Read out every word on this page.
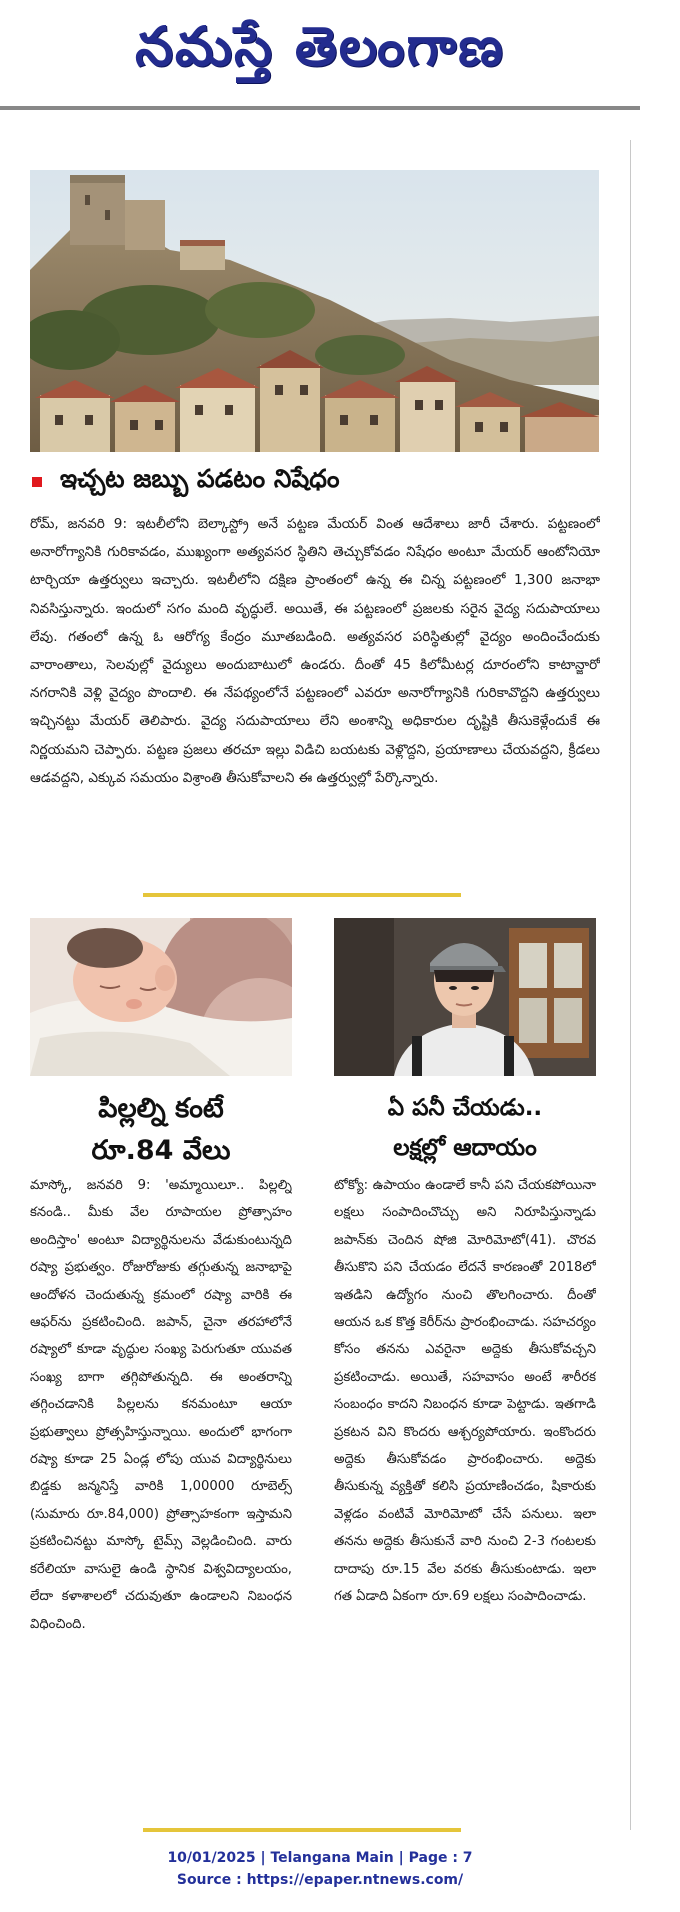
నమస్తే తెలంగాణ
ఇచ్చట జబ్బు పడటం నిషేధం
రోమ్, జనవరి 9: ఇటలీలోని బెల్కాస్ట్రో అనే పట్టణ మేయర్ వింత ఆదేశాలు జారీ చేశారు. పట్టణంలో అనారోగ్యానికి గురికావడం, ముఖ్యంగా అత్యవసర స్థితిని తెచ్చుకోవడం నిషేధం అంటూ మేయర్ ఆంటోనియో టార్చియా ఉత్తర్వులు ఇచ్చారు. ఇటలీలోని దక్షిణ ప్రాంతంలో ఉన్న ఈ చిన్న పట్టణంలో 1,300 జనాభా నివసిస్తున్నారు. ఇందులో సగం మంది వృద్ధులే. అయితే, ఈ పట్టణంలో ప్రజలకు సరైన వైద్య సదుపాయాలు లేవు. గతంలో ఉన్న ఓ ఆరోగ్య కేంద్రం మూతబడింది. అత్యవసర పరిస్థితుల్లో వైద్యం అందించేందుకు వారాంతాలు, సెలవుల్లో వైద్యులు అందుబాటులో ఉండరు. దీంతో 45 కిలోమీటర్ల దూరంలోని కాటాన్జారో నగరానికి వెళ్లి వైద్యం పొందాలి. ఈ నేపథ్యంలోనే పట్టణంలో ఎవరూ అనారోగ్యానికి గురికావొద్దని ఉత్తర్వులు ఇచ్చినట్టు మేయర్ తెలిపారు. వైద్య సదుపాయాలు లేని అంశాన్ని అధికారుల దృష్టికి తీసుకెళ్లేందుకే ఈ నిర్ణయమని చెప్పారు. పట్టణ ప్రజలు తరచూ ఇల్లు విడిచి బయటకు వెళ్లొద్దని, ప్రయాణాలు చేయవద్దని, క్రీడలు ఆడవద్దని, ఎక్కువ సమయం విశ్రాంతి తీసుకోవాలని ఈ ఉత్తర్వుల్లో పేర్కొన్నారు.
పిల్లల్ని కంటే
రూ.84 వేలు
మాస్కో, జనవరి 9: 'అమ్మాయిలూ.. పిల్లల్ని కనండి.. మీకు వేల రూపాయల ప్రోత్సాహం అందిస్తాం' అంటూ విద్యార్థినులను వేడుకుంటున్నది రష్యా ప్రభుత్వం. రోజురోజుకు తగ్గుతున్న జనాభాపై ఆందోళన చెందుతున్న క్రమంలో రష్యా వారికి ఈ ఆఫర్‌ను ప్రకటించింది. జపాన్, చైనా తరహాలోనే రష్యాలో కూడా వృద్ధుల సంఖ్య పెరుగుతూ యువత సంఖ్య బాగా తగ్గిపోతున్నది. ఈ అంతరాన్ని తగ్గించడానికి పిల్లలను కనమంటూ ఆయా ప్రభుత్వాలు ప్రోత్సహిస్తున్నాయి. అందులో భాగంగా రష్యా కూడా 25 ఏండ్ల లోపు యువ విద్యార్థినులు బిడ్డకు జన్మనిస్తే వారికి 1,00000 రూబెల్స్ (సుమారు రూ.84,000) ప్రోత్సాహకంగా ఇస్తామని ప్రకటించినట్టు మాస్కో టైమ్స్ వెల్లడించింది. వారు కరేలియా వాసులై ఉండి స్థానిక విశ్వవిద్యాలయం, లేదా కళాశాలలో చదువుతూ ఉండాలని నిబంధన విధించింది.
ఏ పనీ చేయడు..
లక్షల్లో ఆదాయం
టోక్యో: ఉపాయం ఉండాలే కానీ పని చేయకపోయినా లక్షలు సంపాదించొచ్చు అని నిరూపిస్తున్నాడు జపాన్‌కు చెందిన షోజి మోరిమోటో(41). చొరవ తీసుకొని పని చేయడం లేదనే కారణంతో 2018లో ఇతడిని ఉద్యోగం నుంచి తొలగించారు. దీంతో ఆయన ఒక కొత్త కెరీర్‌ను ప్రారంభించాడు. సహచర్యం కోసం తనను ఎవరైనా అద్దెకు తీసుకోవచ్చని ప్రకటించాడు. అయితే, సహవాసం అంటే శారీరక సంబంధం కాదని నిబంధన కూడా పెట్టాడు. ఇతగాడి ప్రకటన విని కొందరు ఆశ్చర్యపోయారు. ఇంకొందరు అద్దెకు తీసుకోవడం ప్రారంభించారు. అద్దెకు తీసుకున్న వ్యక్తితో కలిసి ప్రయాణించడం, షికారుకు వెళ్లడం వంటివే మోరిమోటో చేసే పనులు. ఇలా తనను అద్దెకు తీసుకునే వారి నుంచి 2-3 గంటలకు దాదాపు రూ.15 వేల వరకు తీసుకుంటాడు. ఇలా గత ఏడాది ఏకంగా రూ.69 లక్షలు సంపాదించాడు.
10/01/2025 | Telangana Main | Page : 7
Source : https://epaper.ntnews.com/
